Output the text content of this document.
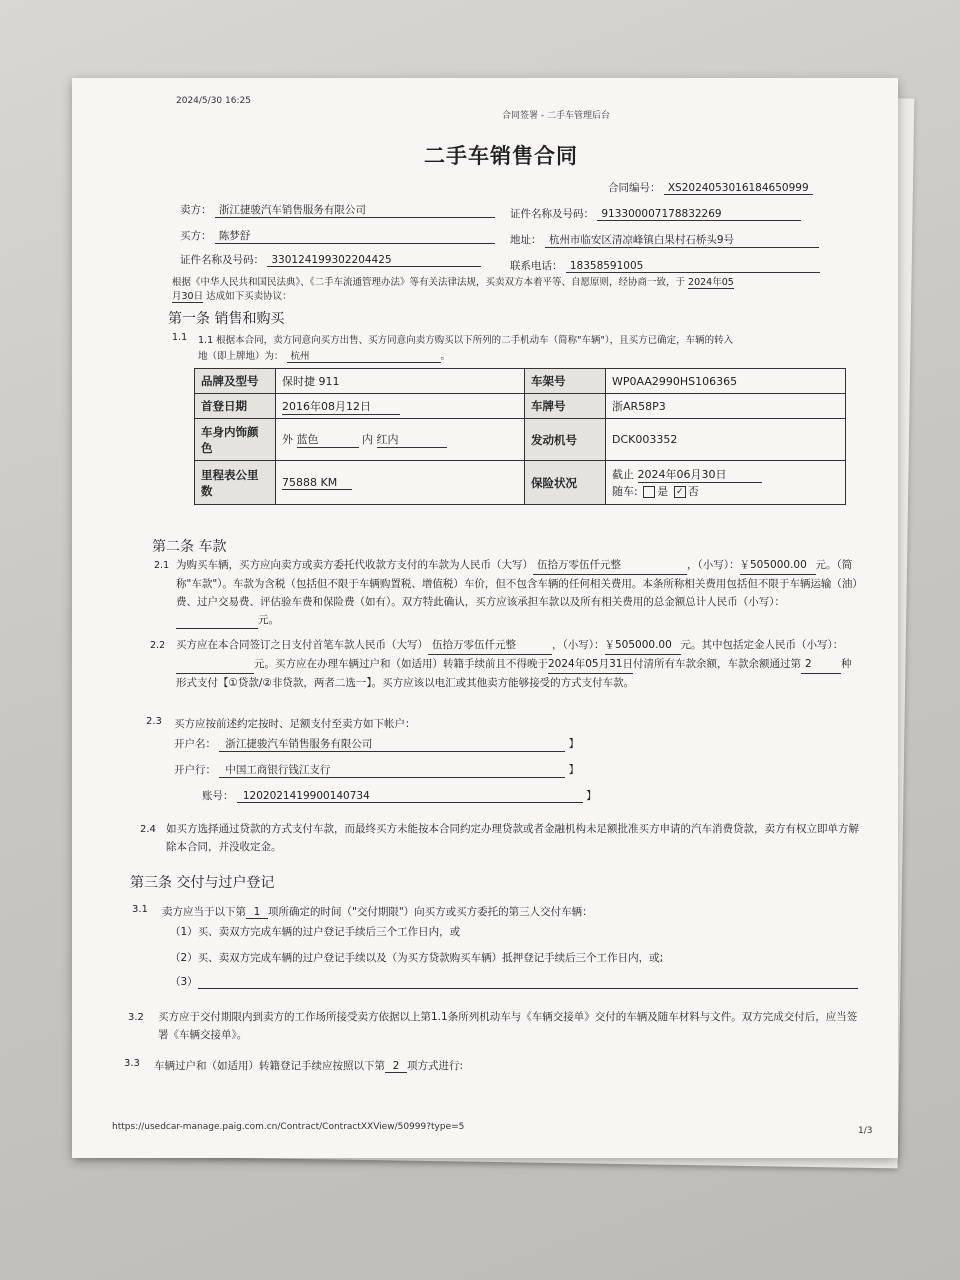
2024/5/30 16:25
合同签署 - 二手车管理后台
二手车销售合同
合同编号： XS2024053016184650999
卖方： 浙江捷骏汽车销售服务有限公司	证件名称及号码： 913300007178832269
买方： 陈梦舒	地址： 杭州市临安区清凉峰镇白果村石桥头9号
证件名称及号码： 330124199302204425	联系电话： 18358591005
根据《中华人民共和国民法典》、《二手车流通管理办法》等有关法律法规，买卖双方本着平等、自愿原则，经协商一致，于 2024年05
月30日 达成如下买卖协议：
第一条 销售和购买
1.1 1.1 根据本合同，卖方同意向买方出售、买方同意向卖方购买以下所列的二手机动车（简称"车辆"），且买方已确定，车辆的转入
地（即上牌地）为： 杭州	。
品牌及型号	保时捷 911	车架号	WP0AA2990HS106365
首登日期	2016年08月12日	车牌号	浙AR58P3
车身内饰颜色	外 蓝色 内 红内	发动机号	DCK003352
里程表公里数	75888 KM	保险状况	截止 2024年06月30日
随车: 是 ✓ 否
第二条 车款
2.1 为购买车辆，买方应向卖方或卖方委托代收款方支付的车款为人民币（大写） 伍拾万零伍仟元整	，（小写）：￥505000.00 元。（简称"车款"）。车款为含税（包括但不限于车辆购置税、增值税）车价，但不包含车辆的任何相关费用。本条所称相关费用包括但不限于车辆运输（油）费、过户交易费、评估验车费和保险费（如有）。双方特此确认，买方应该承担车款以及所有相关费用的总金额总计人民币（小写）：元。
2.2 买方应在本合同签订之日支付首笔车款人民币（大写） 伍拾万零伍仟元整	，（小写）：￥505000.00 元。其中包括定金人民币（小写）：元。买方应在办理车辆过户和（如适用）转籍手续前且不得晚于2024年05月31日付清所有车款余额，车款余额通过第 2	种形式支付【①贷款/②非贷款，两者二选一】。买方应该以电汇或其他卖方能够接受的方式支付车款。
2.3 买方应按前述约定按时、足额支付至卖方如下帐户：
开户名： 浙江捷骏汽车销售服务有限公司	】
开户行： 中国工商银行钱江支行	】
账号： 1202021419900140734	】
2.4 如买方选择通过贷款的方式支付车款，而最终买方未能按本合同约定办理贷款或者金融机构未足额批准买方申请的汽车消费贷款，卖方有权立即单方解除本合同，并没收定金。
第三条 交付与过户登记
3.1 卖方应当于以下第 1 项所确定的时间（"交付期限"）向买方或买方委托的第三人交付车辆：
（1）买、卖双方完成车辆的过户登记手续后三个工作日内，或
（2）买、卖双方完成车辆的过户登记手续以及（为买方贷款购买车辆）抵押登记手续后三个工作日内，或;
（3）
3.2 买方应于交付期限内到卖方的工作场所接受卖方依据以上第1.1条所列机动车与《车辆交接单》交付的车辆及随车材料与文件。双方完成交付后，应当签署《车辆交接单》。
3.3 车辆过户和（如适用）转籍登记手续应按照以下第 2 项方式进行:
https://usedcar-manage.paig.com.cn/Contract/ContractXXView/50999?type=5	1/3
